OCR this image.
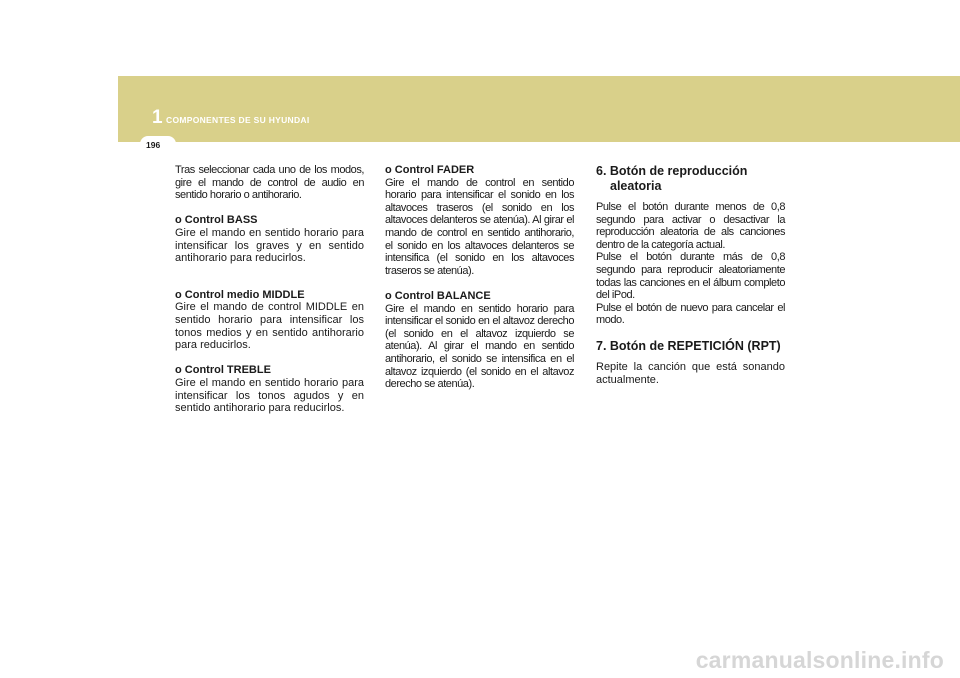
1 COMPONENTES DE SU HYUNDAI
196

Tras seleccionar cada uno de los modos, gire el mando de control de audio en sentido horario o antihorario.

o Control BASS
Gire el mando en sentido horario para intensificar los graves y en sentido antihorario para reducirlos.

o Control medio MIDDLE
Gire el mando de control MIDDLE en sentido horario para intensificar los tonos medios y en sentido antihorario para reducirlos.

o Control TREBLE
Gire el mando en sentido horario para intensificar los tonos agudos y en sentido antihorario para reducirlos.

o Control FADER
Gire el mando de control en sentido horario para intensificar el sonido en los altavoces traseros (el sonido en los altavoces delanteros se atenúa). Al girar el mando de control en sentido antihorario, el sonido en los altavoces delanteros se intensifica (el sonido en los altavoces traseros se atenúa).

o Control BALANCE
Gire el mando en sentido horario para intensificar el sonido en el altavoz derecho (el sonido en el altavoz izquierdo se atenúa). Al girar el mando en sentido antihorario, el sonido se intensifica en el altavoz izquierdo (el sonido en el altavoz derecho se atenúa).

6. Botón de reproducción
aleatoria

Pulse el botón durante menos de 0,8 segundo para activar o desactivar la reproducción aleatoria de als canciones dentro de la categoría actual.

Pulse el botón durante más de 0,8 segundo para reproducir aleatoriamente todas las canciones en el álbum completo del iPod.

Pulse el botón de nuevo para cancelar el modo.

7. Botón de REPETICIÓN (RPT)

Repite la canción que está sonando actualmente.

carmanualsonline.info
